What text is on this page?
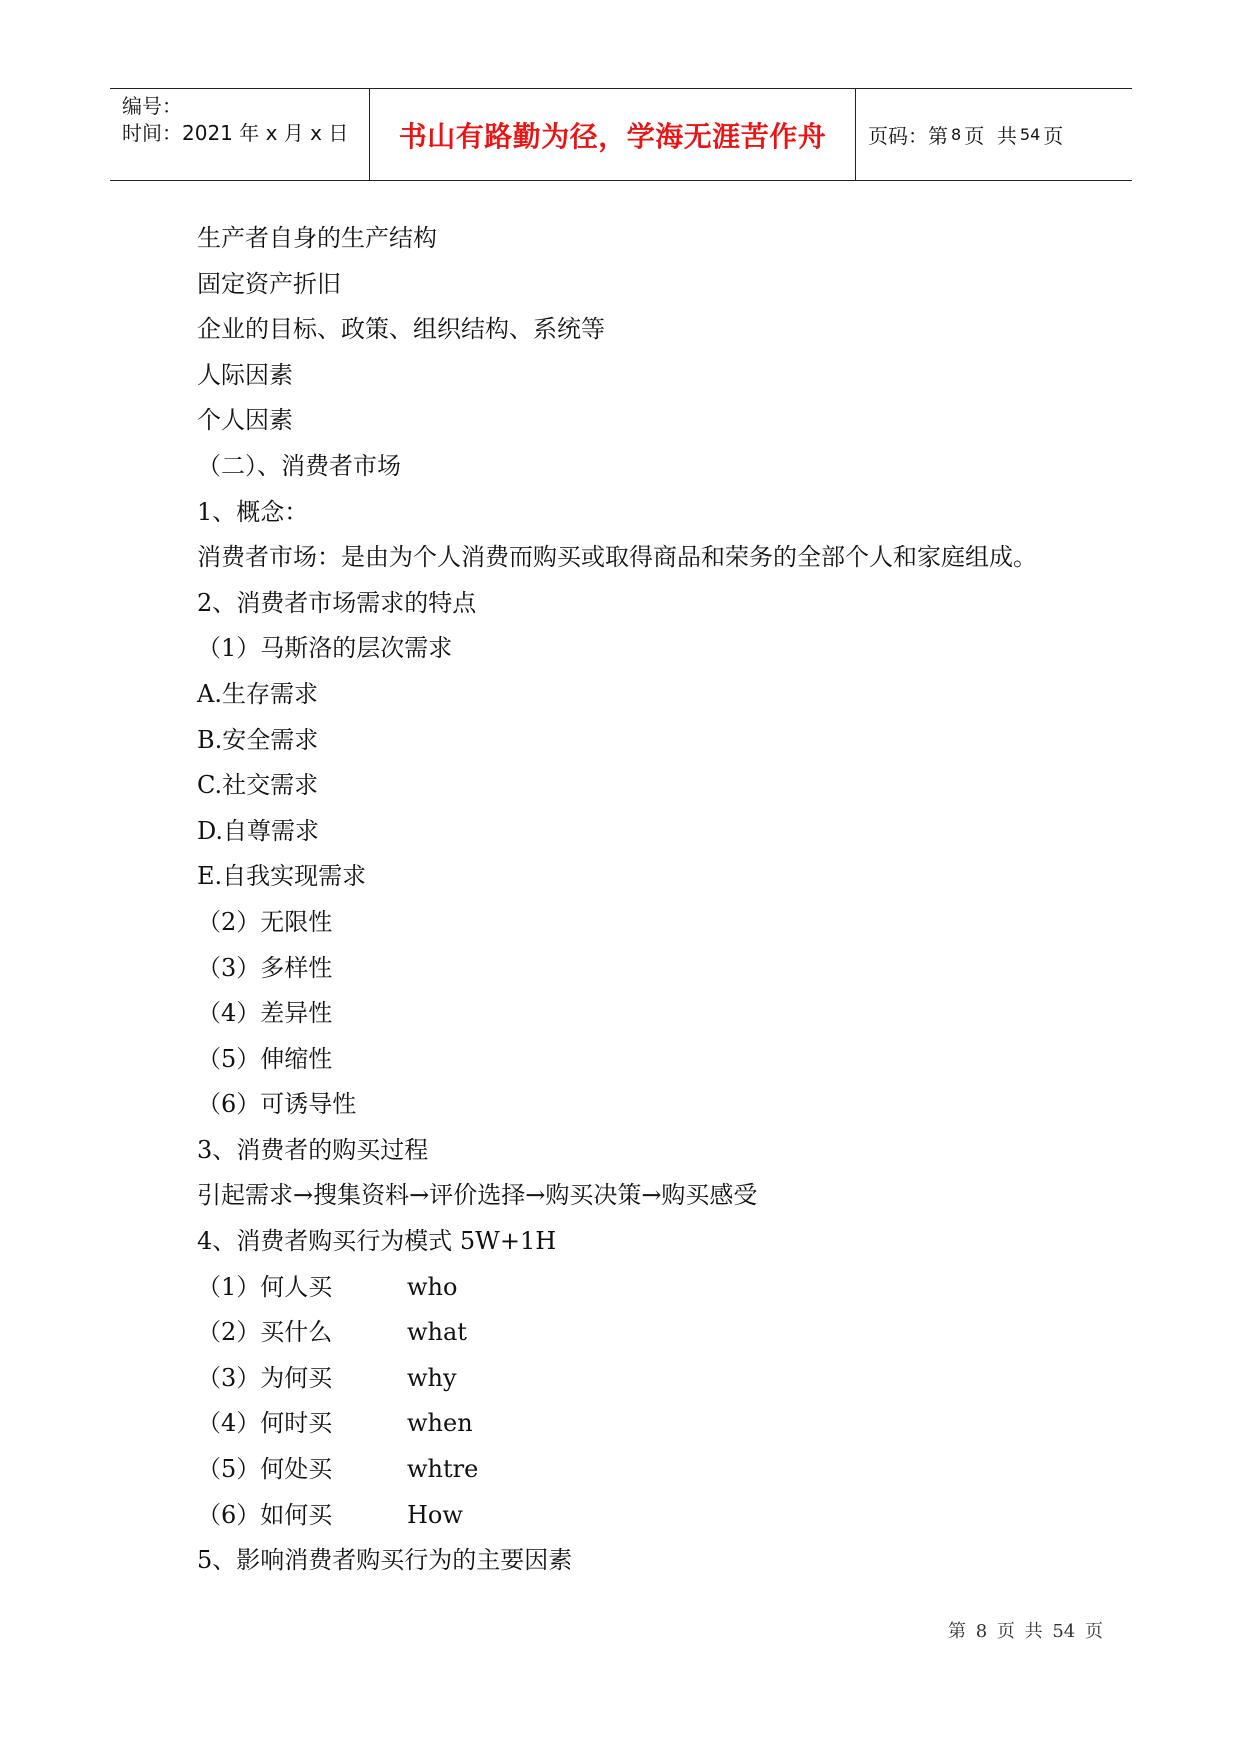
编号：
时间：2021 年 x 月 x 日	书山有路勤为径，学海无涯苦作舟	页码：第 8 页  共 54 页
生产者自身的生产结构
固定资产折旧
企业的目标、政策、组织结构、系统等
人际因素
个人因素
（二）、消费者市场
1、概念：
消费者市场：是由为个人消费而购买或取得商品和荣务的全部个人和家庭组成。
2、消费者市场需求的特点
（1）马斯洛的层次需求
A.生存需求
B.安全需求
C.社交需求
D.自尊需求
E.自我实现需求
（2）无限性
（3）多样性
（4）差异性
（5）伸缩性
（6）可诱导性
3、消费者的购买过程
引起需求→搜集资料→评价选择→购买决策→购买感受
4、消费者购买行为模式 5W+1H
（1）何人买	who
（2）买什么	what
（3）为何买	why
（4）何时买	when
（5）何处买	whtre
（6）如何买	How
5、影响消费者购买行为的主要因素
第 8 页 共 54 页
